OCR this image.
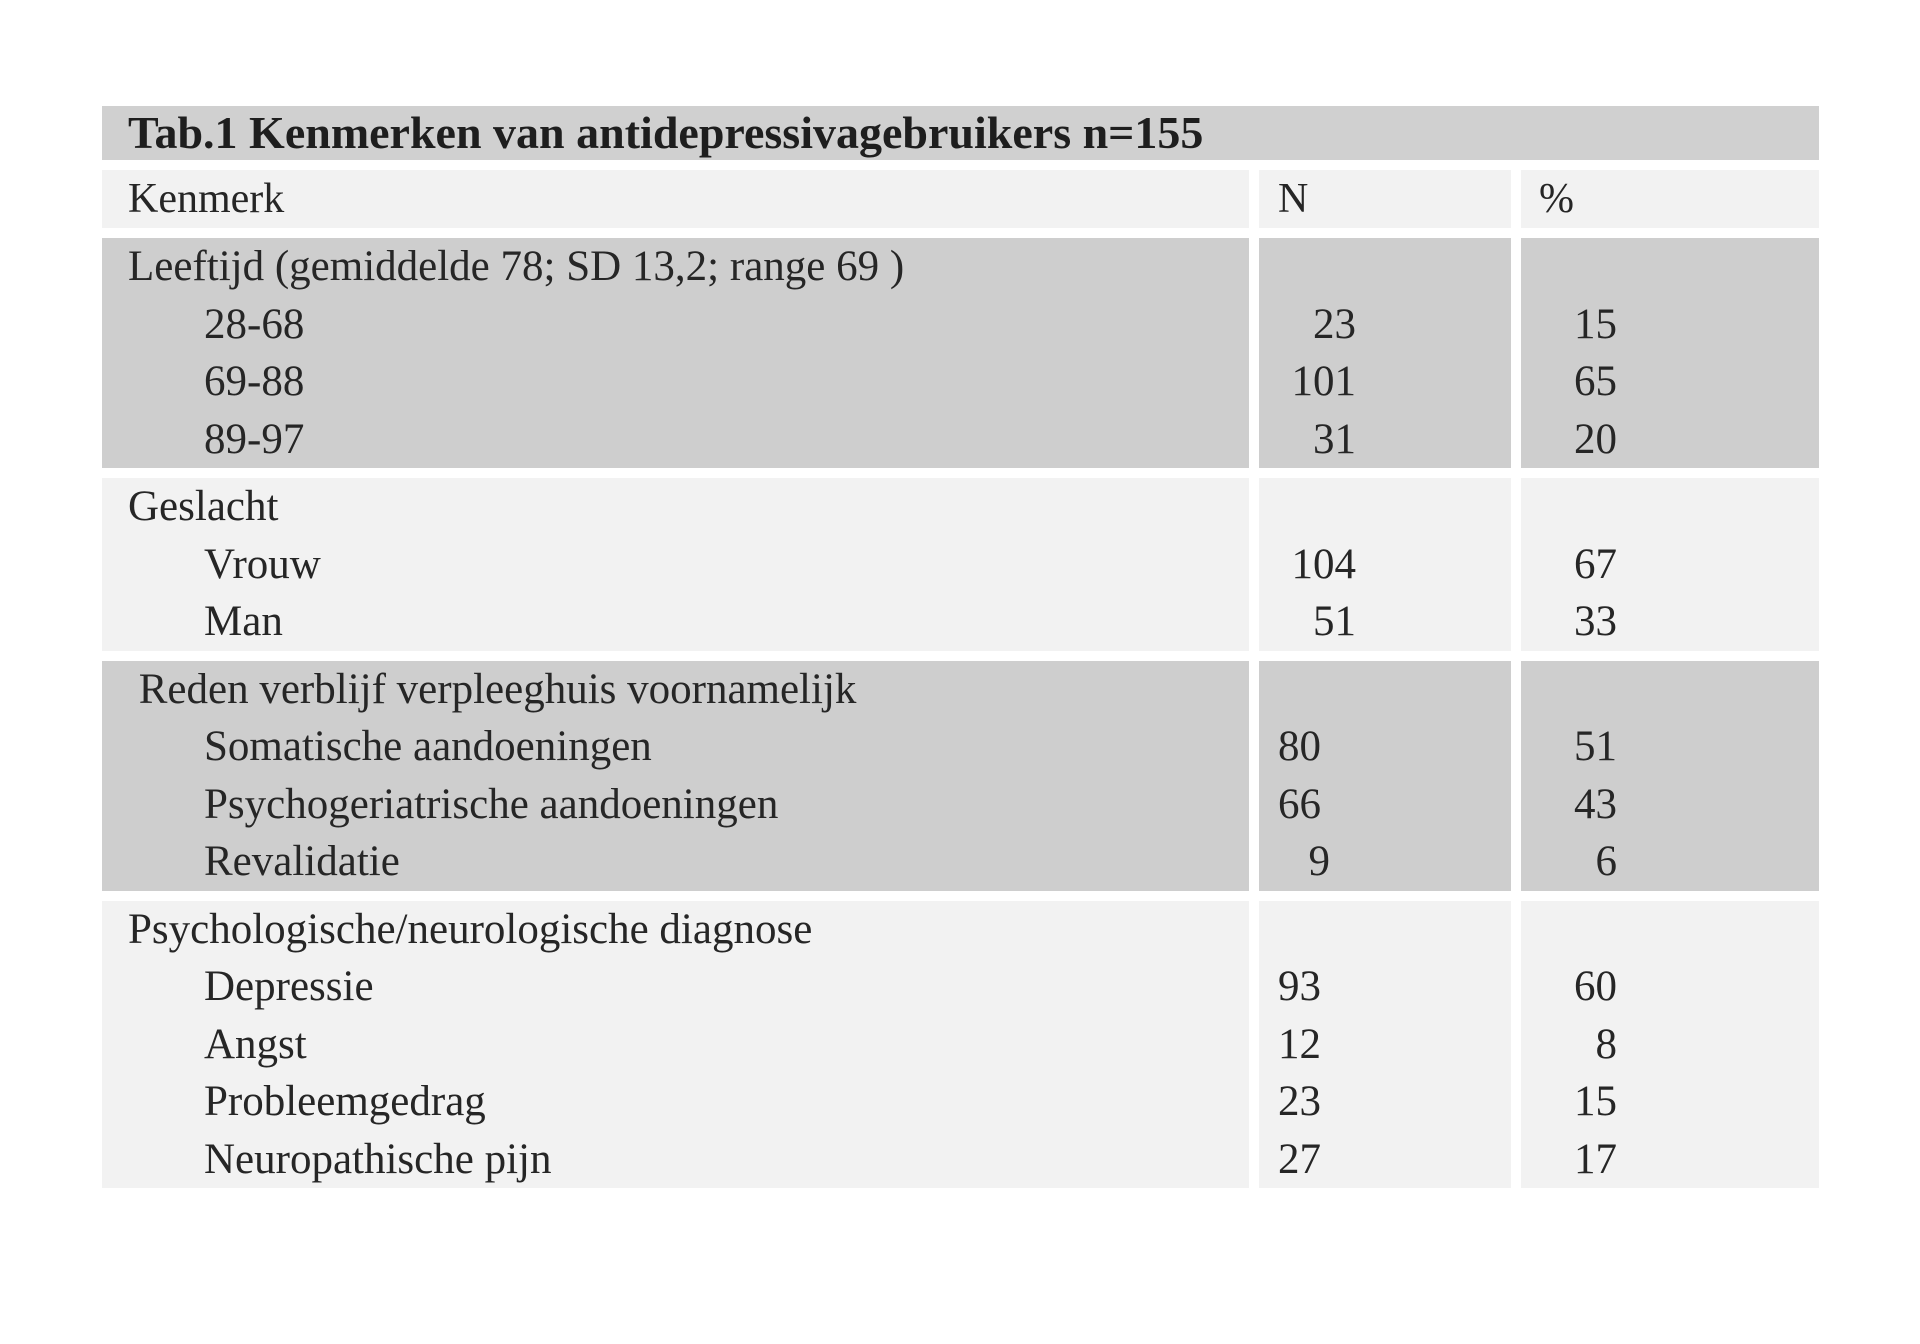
Tab.1 Kenmerken van antidepressivagebruikers n=155
Kenmerk	N	%
Leeftijd (gemiddelde 78; SD 13,2; range 69 )
28-68
69-88
89-97
23
101
31
15
65
20
Geslacht
Vrouw
Man
104
51
67
33
Reden verblijf verpleeghuis voornamelijk
Somatische aandoeningen
Psychogeriatrische aandoeningen
Revalidatie
80
66
9
51
43
6
Psychologische/neurologische diagnose
Depressie
Angst
Probleemgedrag
Neuropathische pijn
93
12
23
27
60
8
15
17
